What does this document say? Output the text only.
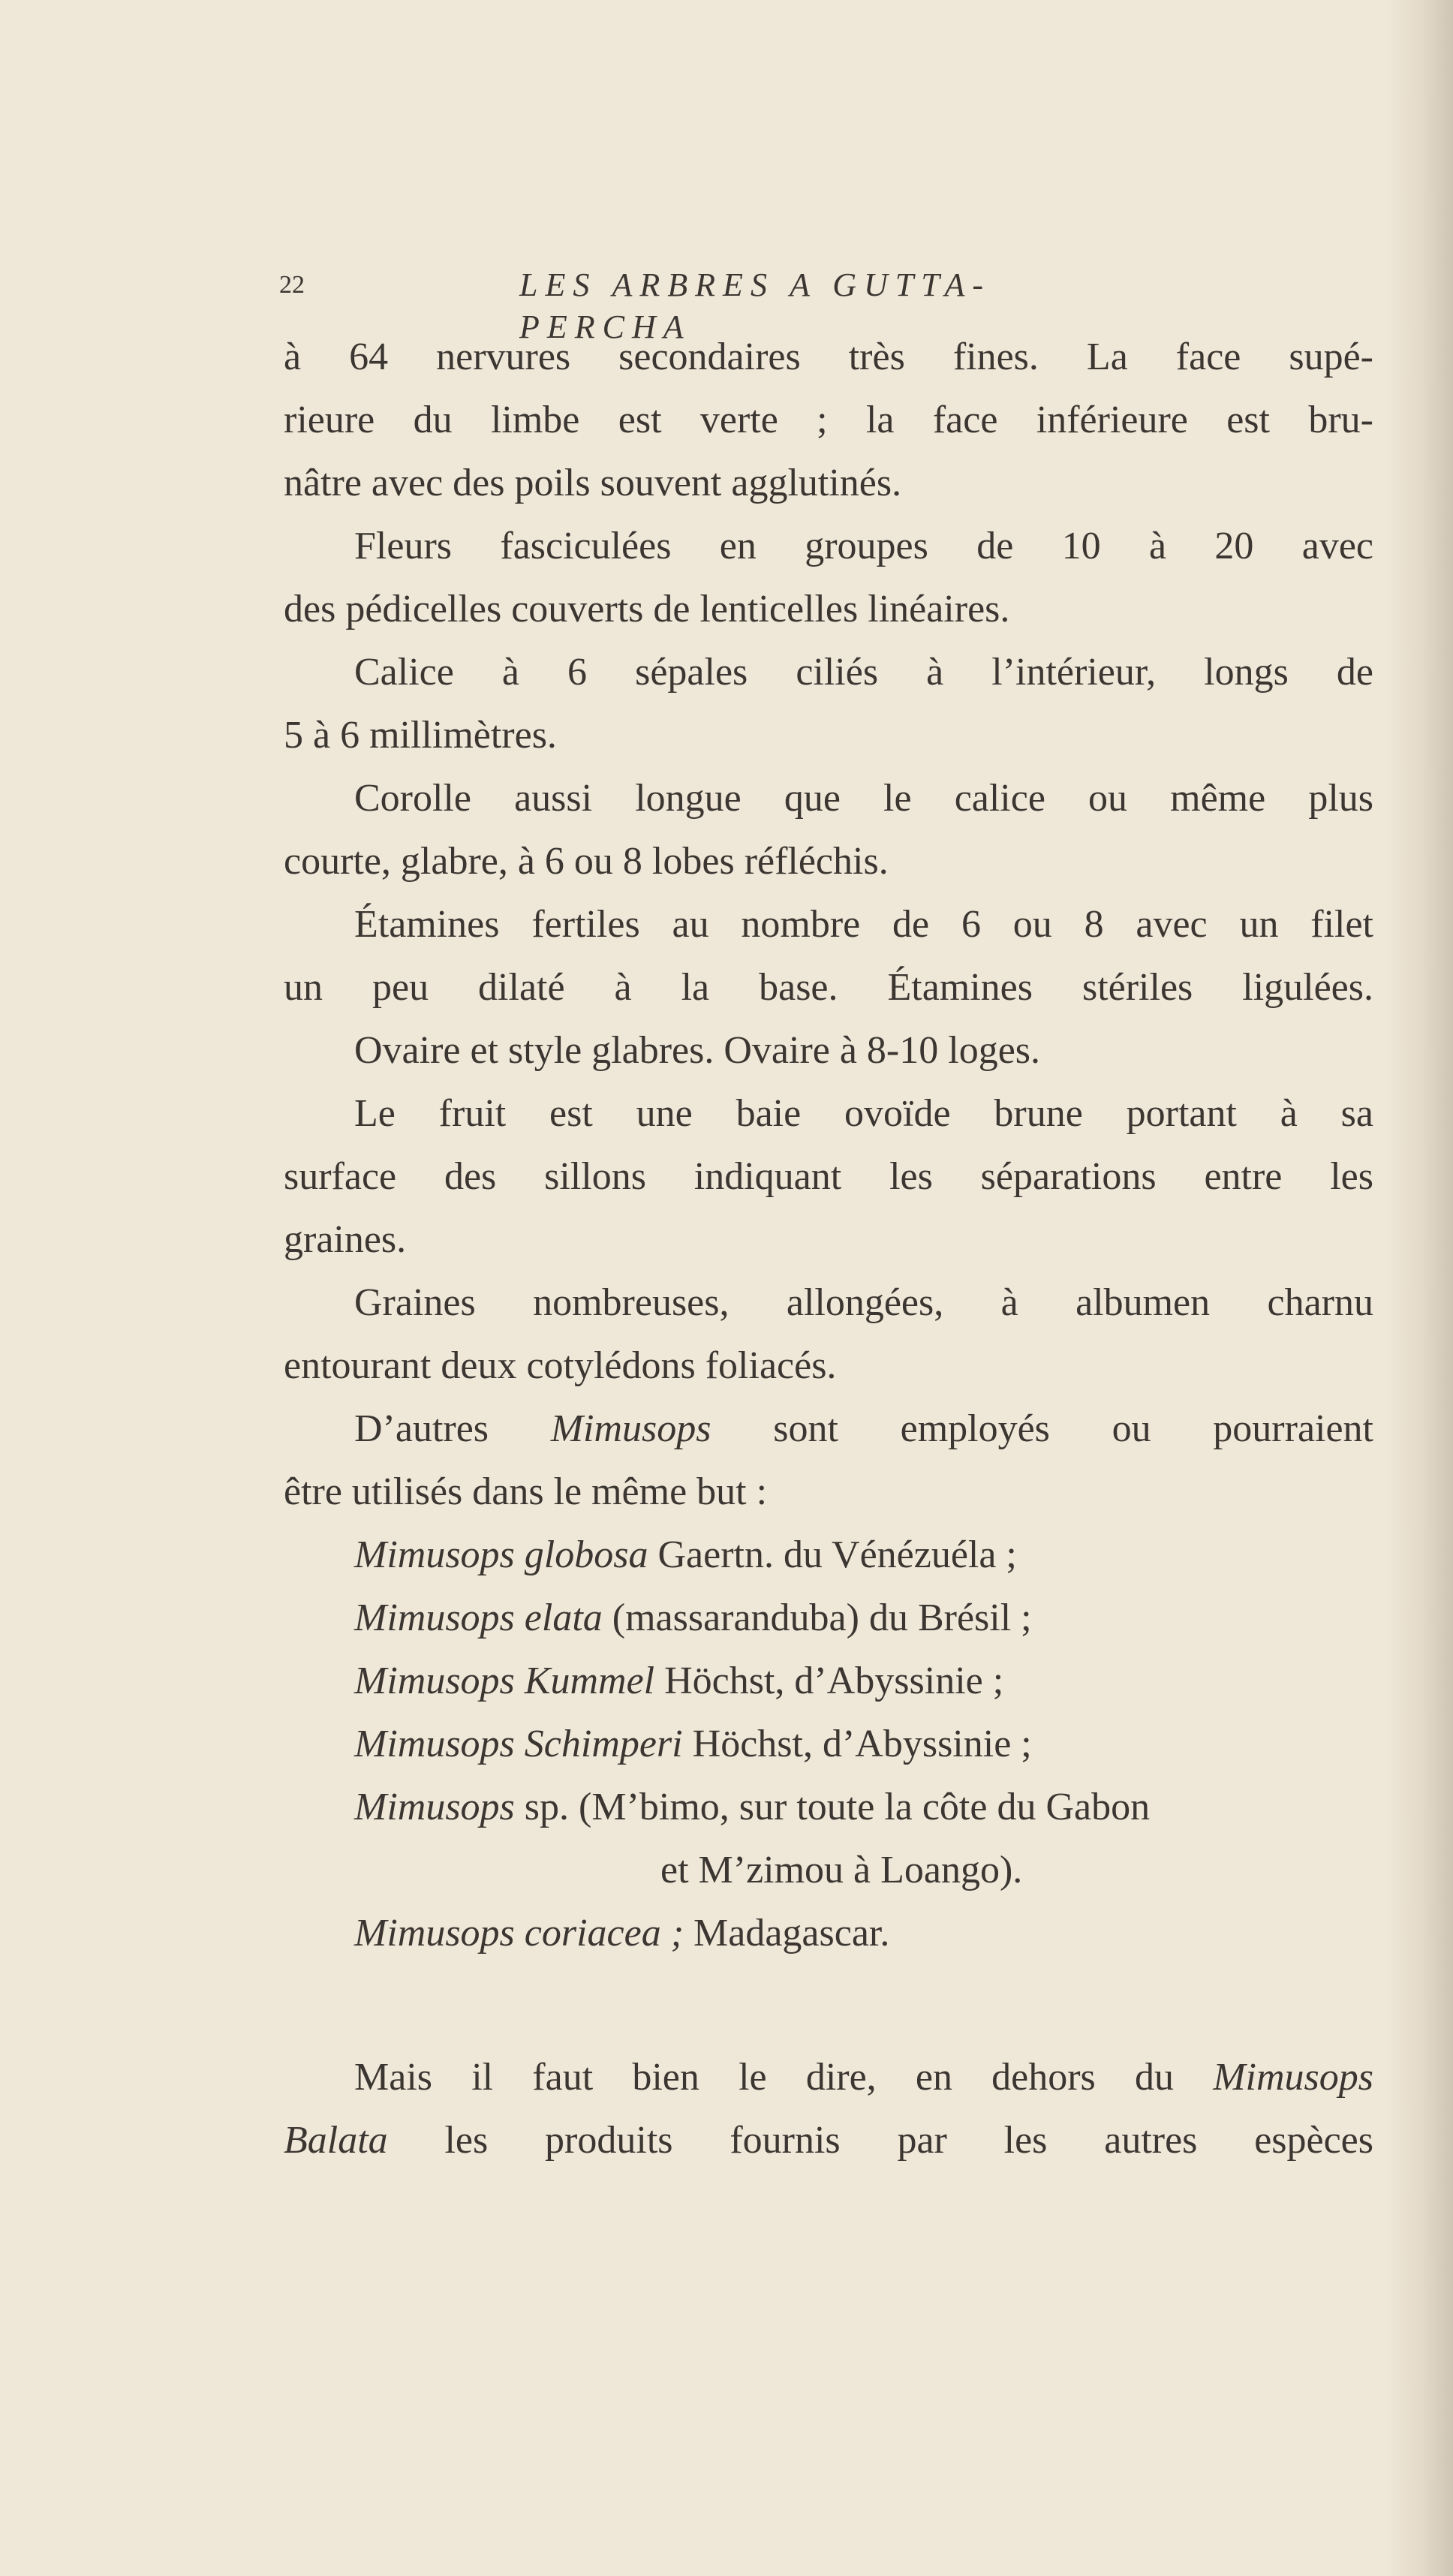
22	LES ARBRES A GUTTA-PERCHA
à 64 nervures secondaires très fines. La face supé-
rieure du limbe est verte ; la face inférieure est bru-
nâtre avec des poils souvent agglutinés.
Fleurs fasciculées en groupes de 10 à 20 avec
des pédicelles couverts de lenticelles linéaires.
Calice à 6 sépales ciliés à l’intérieur, longs de
5 à 6 millimètres.
Corolle aussi longue que le calice ou même plus
courte, glabre, à 6 ou 8 lobes réfléchis.
Étamines fertiles au nombre de 6 ou 8 avec un filet
un peu dilaté à la base. Étamines stériles ligulées.
Ovaire et style glabres. Ovaire à 8-10 loges.
Le fruit est une baie ovoïde brune portant à sa
surface des sillons indiquant les séparations entre les
graines.
Graines nombreuses, allongées, à albumen charnu
entourant deux cotylédons foliacés.
D’autres Mimusops sont employés ou pourraient
être utilisés dans le même but :
Mimusops globosa Gaertn. du Vénézuéla ;
Mimusops elata (massaranduba) du Brésil ;
Mimusops Kummel Höchst, d’Abyssinie ;
Mimusops Schimperi Höchst, d’Abyssinie ;
Mimusops sp. (M’bimo, sur toute la côte du Gabon
et M’zimou à Loango).
Mimusops coriacea ; Madagascar.
Mais il faut bien le dire, en dehors du Mimusops
Balata les produits fournis par les autres espèces
